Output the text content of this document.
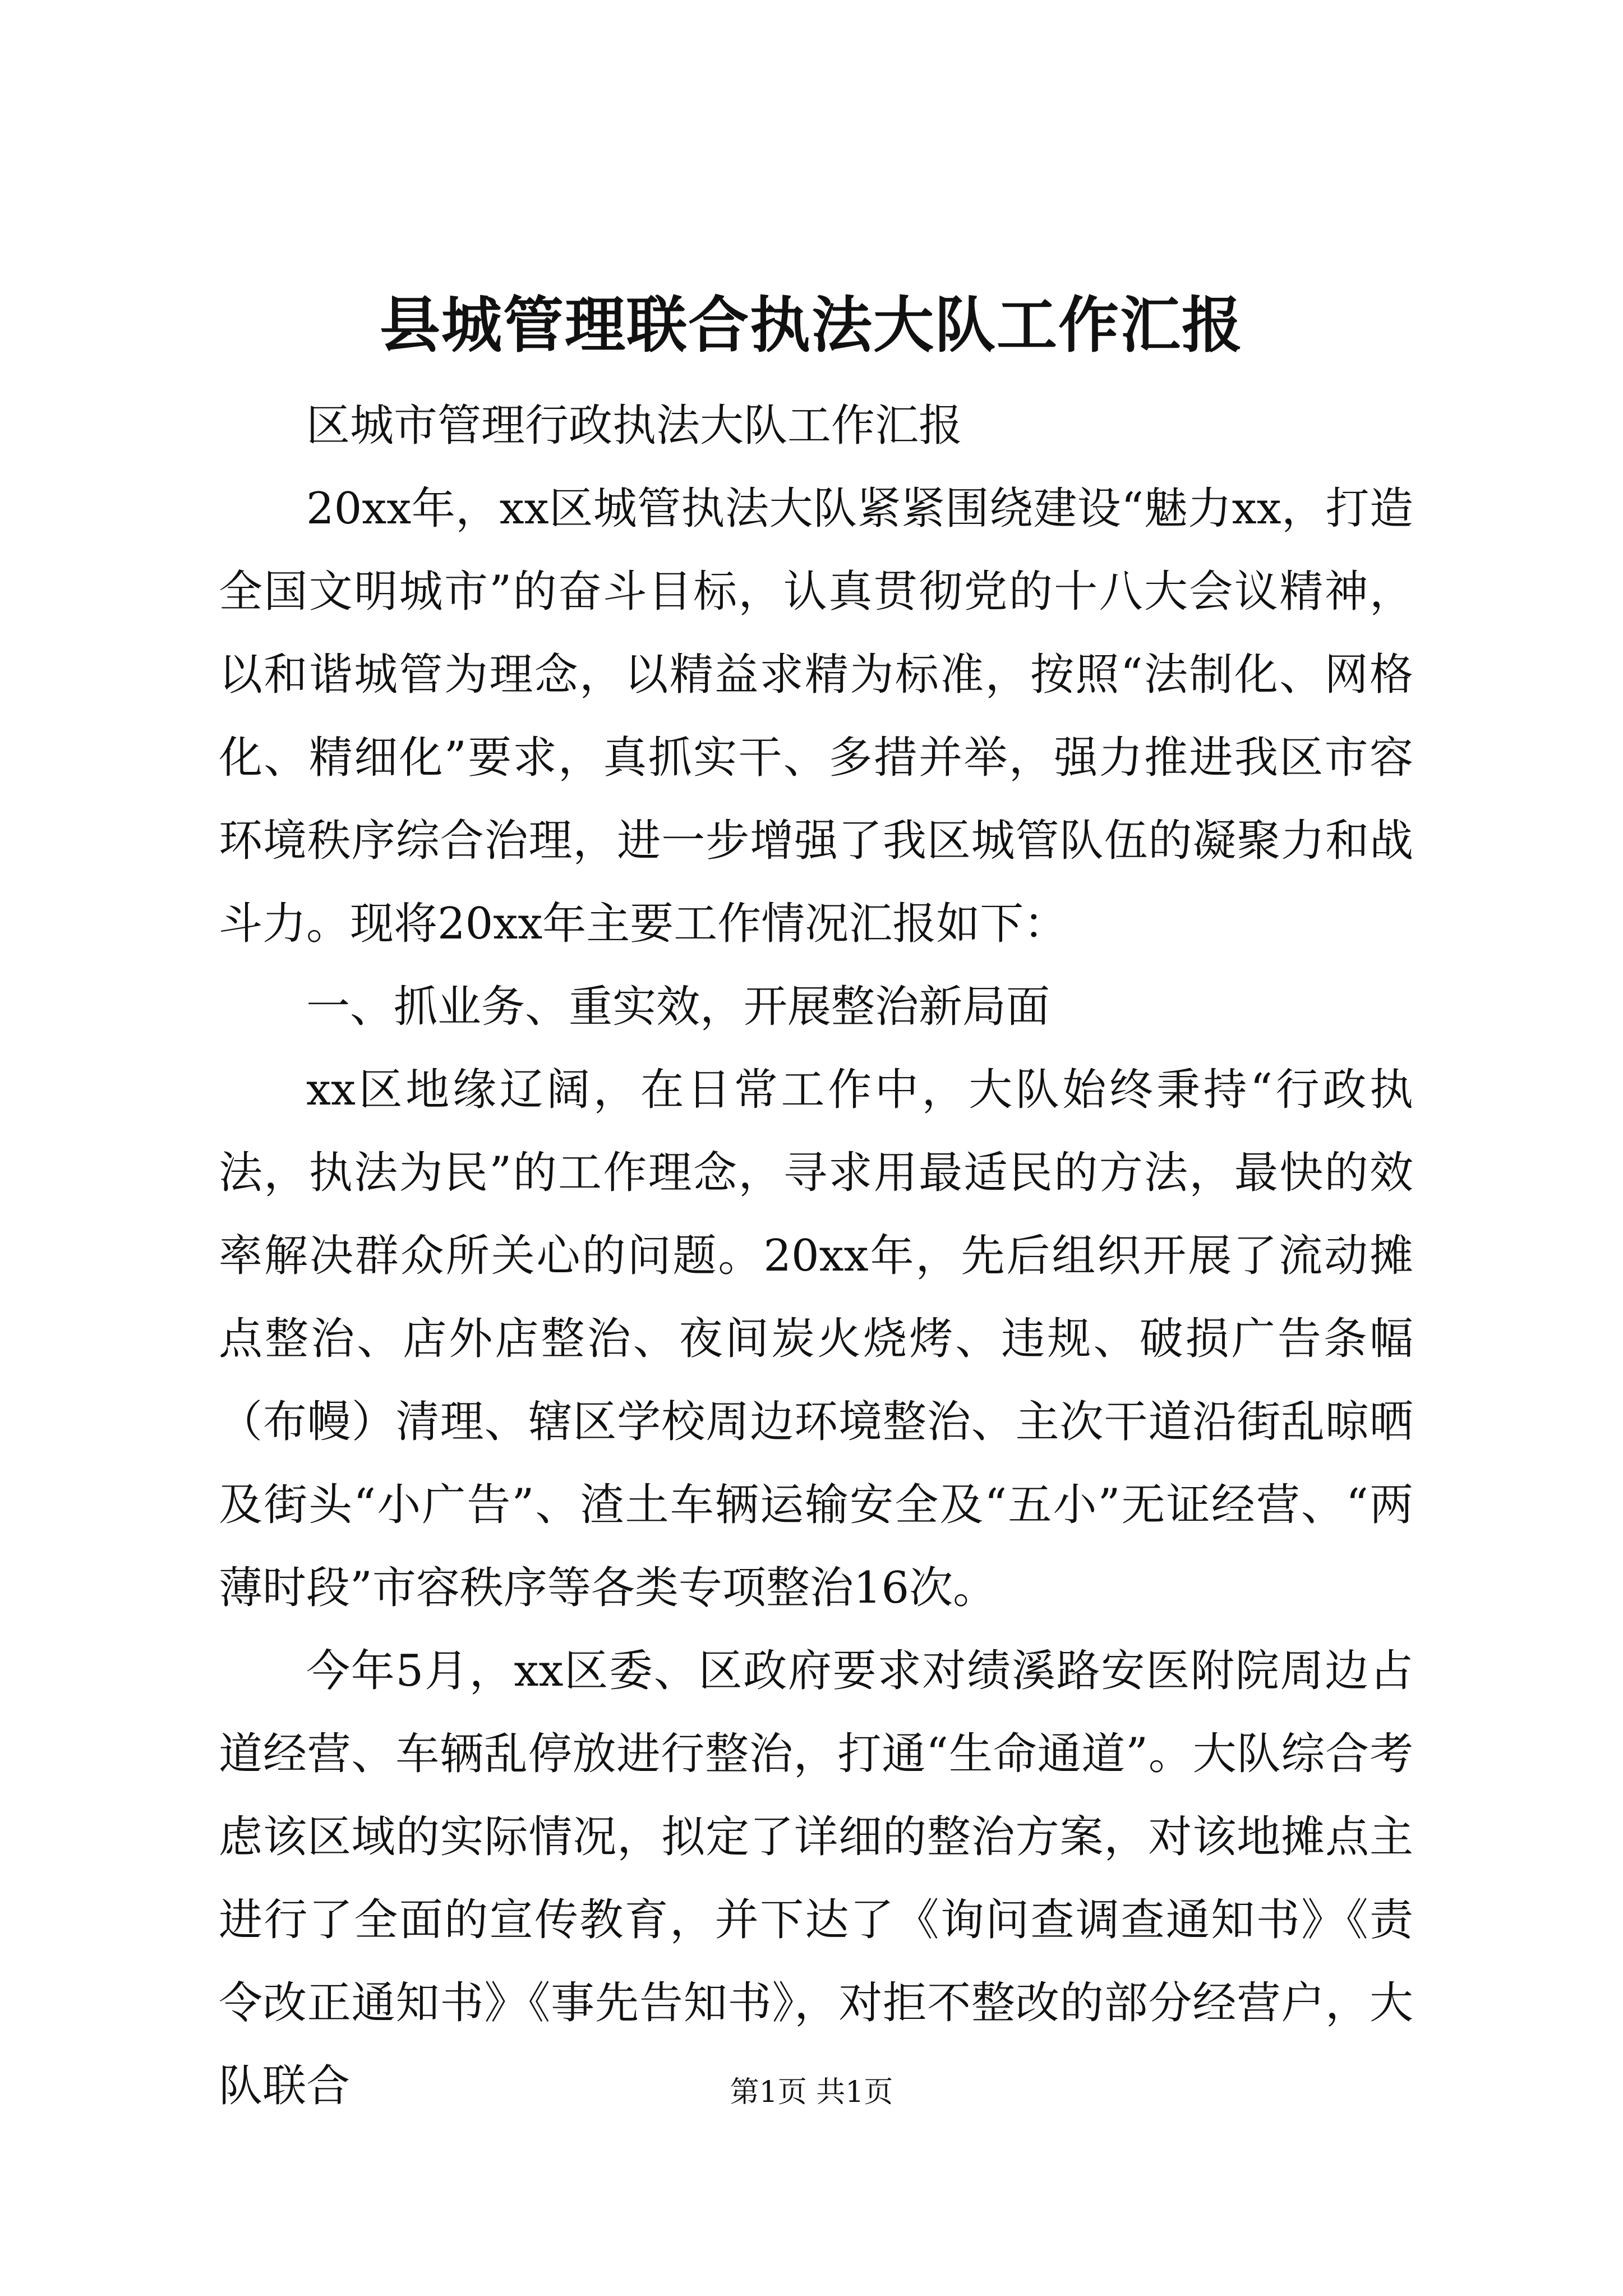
县城管理联合执法大队工作汇报

区城市管理行政执法大队工作汇报

20xx年，xx区城管执法大队紧紧围绕建设“魅力xx，打造全国文明城市”的奋斗目标，认真贯彻党的十八大会议精神，以和谐城管为理念，以精益求精为标准，按照“法制化、网格化、精细化”要求，真抓实干、多措并举，强力推进我区市容环境秩序综合治理，进一步增强了我区城管队伍的凝聚力和战斗力。现将20xx年主要工作情况汇报如下：

一、抓业务、重实效，开展整治新局面

xx区地缘辽阔，在日常工作中，大队始终秉持“行政执法，执法为民”的工作理念，寻求用最适民的方法，最快的效率解决群众所关心的问题。20xx年，先后组织开展了流动摊点整治、店外店整治、夜间炭火烧烤、违规、破损广告条幅（布幔）清理、辖区学校周边环境整治、主次干道沿街乱晾晒及街头“小广告”、渣土车辆运输安全及“五小”无证经营、“两薄时段”市容秩序等各类专项整治16次。

今年5月，xx区委、区政府要求对绩溪路安医附院周边占道经营、车辆乱停放进行整治，打通“生命通道”。大队综合考虑该区域的实际情况，拟定了详细的整治方案，对该地摊点主进行了全面的宣传教育，并下达了《询问查调查通知书》《责令改正通知书》《事先告知书》，对拒不整改的部分经营户，大队联合	第1页 共1页
